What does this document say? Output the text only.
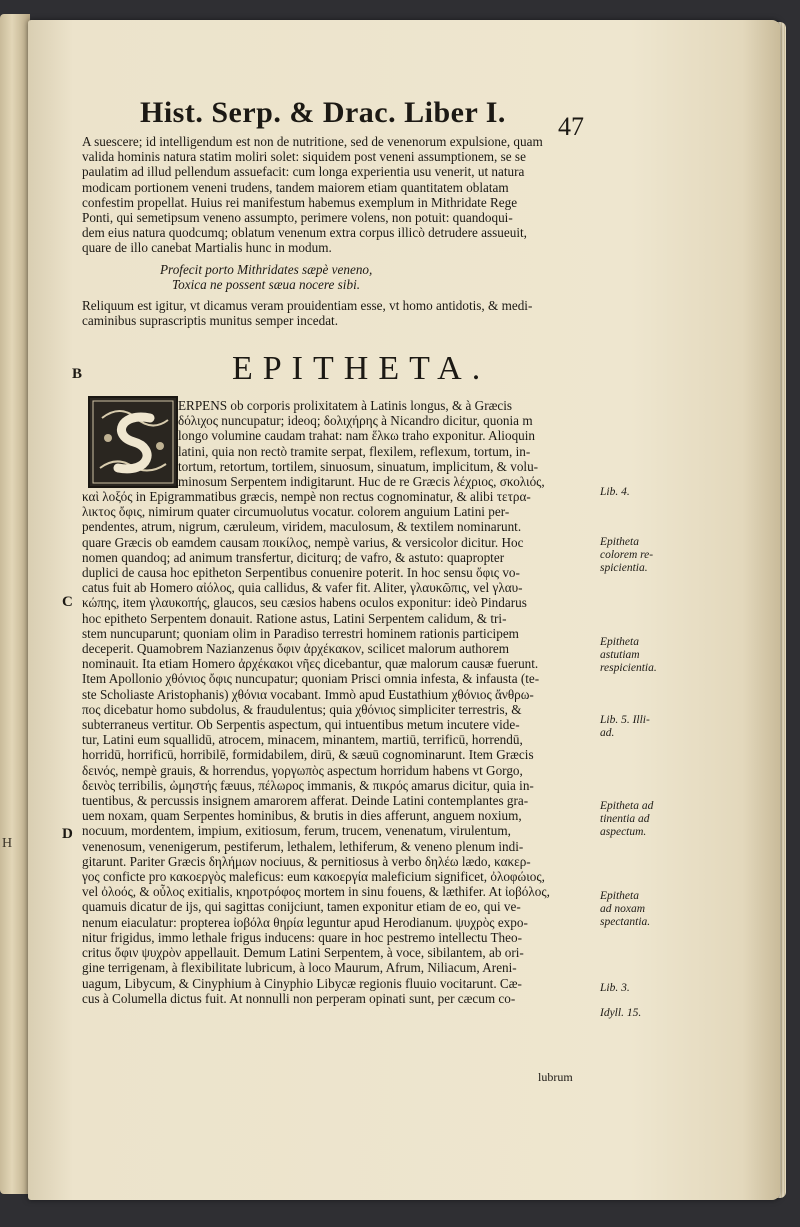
H
Hist. Serp. & Drac. Liber I.	47

A suescere; id intelligendum est non de nutritione, sed de venenorum expulsione, quam

valida hominis natura statim moliri solet: siquidem post veneni assumptionem, se se

paulatim ad illud pellendum assuefacit: cum longa experientia usu venerit, ut natura

modicam portionem veneni trudens, tandem maiorem etiam quantitatem oblatam

confestim propellat. Huius rei manifestum habemus exemplum in Mithridate Rege

Ponti, qui semetipsum veneno assumpto, perimere volens, non potuit: quandoqui-

dem eius natura quodcumq; oblatum venenum extra corpus illicò detrudere assueuit,

quare de illo canebat Martialis hunc in modum.

Profecit porto Mithridates sæpè veneno,

Toxica ne possent sæua nocere sibi.

Reliquum est igitur, vt dicamus veram prouidentiam esse, vt homo antidotis, & medi-

caminibus suprascriptis munitus semper incedat.

B	EPITHETA.

ERPENS ob corporis prolixitatem à Latinis longus, & à Græcis

δόλιχος nuncupatur; ideoq; δολιχήρης à Nicandro dicitur, quonia m

longo volumine caudam trahat: nam ἕλκω traho exponitur. Alioquin

latini, quia non rectò tramite serpat, flexilem, reflexum, tortum, in-

tortum, retortum, tortilem, sinuosum, sinuatum, implicitum, & volu-

minosum Serpentem indigitarunt. Huc de re Græcis λέχριος, σκολιός,

καὶ λοξός in Epigrammatibus græcis, nempè non rectus cognominatur, & alibi τετρα-

λικτος ὄφις, nimirum quater circumuolutus vocatur. colorem anguium Latini per-

pendentes, atrum, nigrum, cæruleum, viridem, maculosum, & textilem nominarunt.

quare Græcis ob eamdem causam ποικίλος, nempè varius, & versicolor dicitur. Hoc

nomen quandoq; ad animum transfertur, diciturq; de vafro, & astuto: quapropter

duplici de causa hoc epitheton Serpentibus conuenire poterit. In hoc sensu ὄφις vo-

catus fuit ab Homero αἰόλος, quia callidus, & vafer fit. Aliter, γλαυκῶπις, vel γλαυ-

κώπης, item γλαυκοπής, glaucos, seu cæsios habens oculos exponitur: ideò Pindarus

hoc epitheto Serpentem donauit. Ratione astus, Latini Serpentem calidum, & tri-

stem nuncuparunt; quoniam olim in Paradiso terrestri hominem rationis participem

deceperit. Quamobrem Nazianzenus ὄφιν ἀρχέκακον, scilicet malorum authorem

nominauit. Ita etiam Homero ἀρχέκακοι νῆες dicebantur, quæ malorum causæ fuerunt.

Item Apollonio χθόνιος ὄφις nuncupatur; quoniam Prisci omnia infesta, & infausta (te-

ste Scholiaste Aristophanis) χθόνια vocabant. Immò apud Eustathium χθόνιος ἄνθρω-

πος dicebatur homo subdolus, & fraudulentus; quia χθόνιος simpliciter terrestris, &

subterraneus vertitur. Ob Serpentis aspectum, qui intuentibus metum incutere vide-

tur, Latini eum squallidū, atrocem, minacem, minantem, martiū, terrificū, horrendū,

horridū, horrificū, horribilē, formidabilem, dirū, & sæuū cognominarunt. Item Græcis

δεινός, nempè grauis, & horrendus, γοργωπὸς aspectum horridum habens vt Gorgo,

δεινὸς terribilis, ὠμηστής fæuus, πέλωρος immanis, & πικρός amarus dicitur, quia in-

tuentibus, & percussis insignem amarorem afferat. Deinde Latini contemplantes gra-

uem noxam, quam Serpentes hominibus, & brutis in dies afferunt, anguem noxium,

nocuum, mordentem, impium, exitiosum, ferum, trucem, venenatum, virulentum,

venenosum, venenigerum, pestiferum, lethalem, lethiferum, & veneno plenum indi-

gitarunt. Pariter Græcis δηλήμων nociuus, & pernitiosus à verbo δηλέω lædo, κακερ-

γος conficte pro κακοεργὸς maleficus: eum κακοεργία maleficium significet, ὀλοφώιος,

vel ὀλοός, & οὖλος exitialis, κηροτρόφος mortem in sinu fouens, & læthifer. At ἰοβόλος,

quamuis dicatur de ijs, qui sagittas conijciunt, tamen exponitur etiam de eo, qui ve-

nenum eiaculatur: propterea ἰοβόλα θηρία leguntur apud Herodianum. ψυχρὸς expo-

nitur frigidus, immo lethale frigus inducens: quare in hoc pestremo intellectu Theo-

critus ὄφιν ψυχρὸν appellauit. Demum Latini Serpentem, à voce, sibilantem, ab ori-

gine terrigenam, à flexibilitate lubricum, à loco Maurum, Afrum, Niliacum, Areni-

uagum, Libycum, & Cinyphium à Cinyphio Libycæ regionis fluuio vocitarunt. Cæ-

cus à Columella dictus fuit. At nonnulli non perperam opinati sunt, per cæcum co-

lubrum
C
D

Lib. 4.

Epitheta

colorem re-

spicientia.

Epitheta

astutiam

respicientia.

Lib. 5. Illi-

ad.

Epitheta ad

tinentia ad

aspectum.

Epitheta

ad noxam

spectantia.

Lib. 3.

Idyll. 15.
